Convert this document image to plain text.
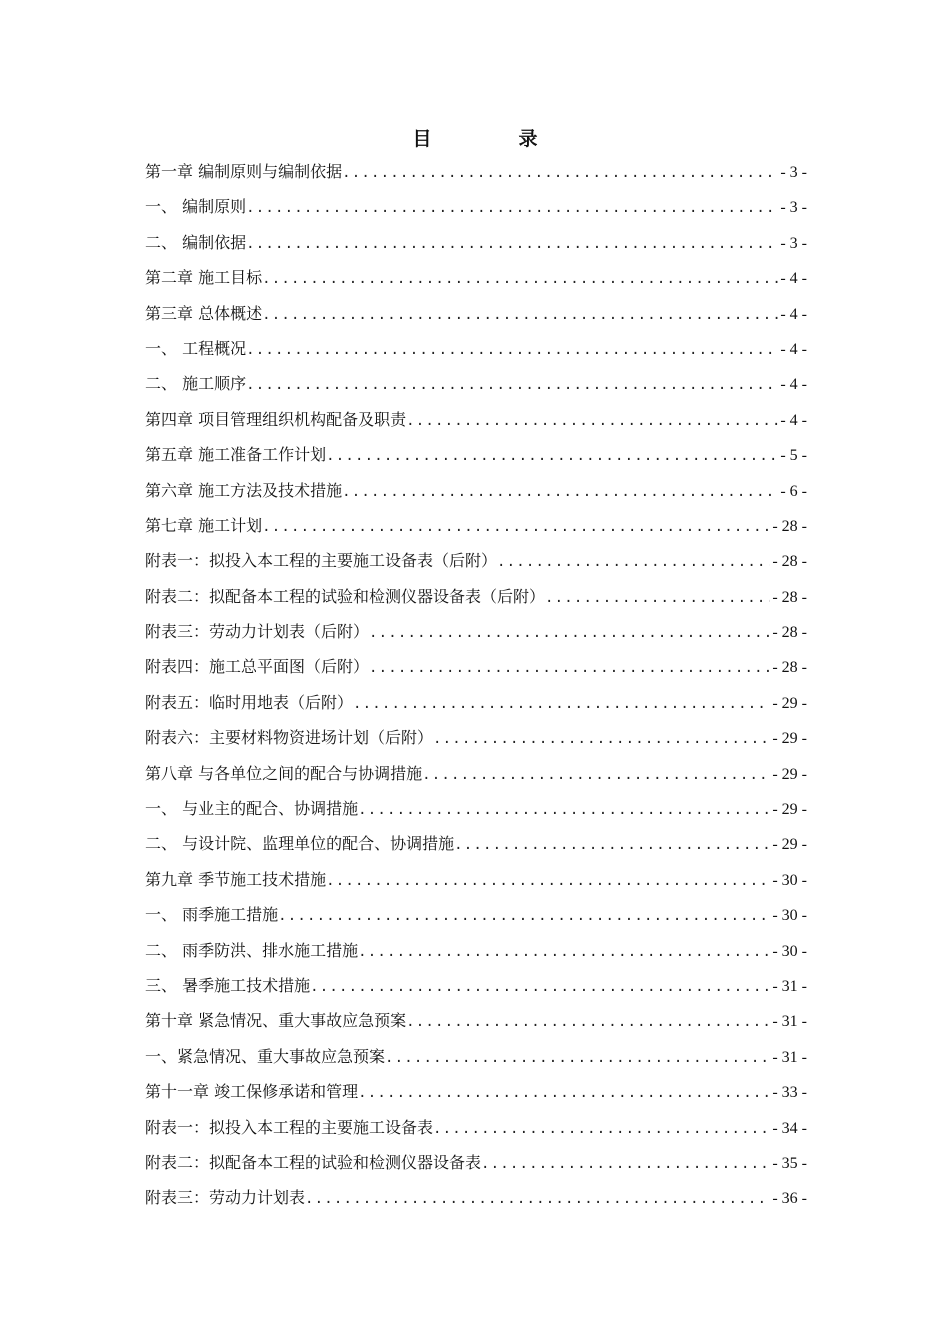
目　录
第一章 编制原则与编制依据 .....	- 3 -
一、 编制原则 .....	- 3 -
二、 编制依据 .....	- 3 -
第二章 施工目标 .....	- 4 -
第三章 总体概述 .....	- 4 -
一、 工程概况 .....	- 4 -
二、 施工顺序 .....	- 4 -
第四章 项目管理组织机构配备及职责 .....	- 4 -
第五章 施工准备工作计划 .....	- 5 -
第六章 施工方法及技术措施 .....	- 6 -
第七章 施工计划 .....	- 28 -
附表一：拟投入本工程的主要施工设备表（后附） .....	- 28 -
附表二：拟配备本工程的试验和检测仪器设备表（后附） .....	- 28 -
附表三：劳动力计划表（后附） .....	- 28 -
附表四：施工总平面图（后附） .....	- 28 -
附表五：临时用地表（后附） .....	- 29 -
附表六：主要材料物资进场计划（后附） .....	- 29 -
第八章 与各单位之间的配合与协调措施 .....	- 29 -
一、 与业主的配合、协调措施 .....	- 29 -
二、 与设计院、监理单位的配合、协调措施 .....	- 29 -
第九章 季节施工技术措施 .....	- 30 -
一、 雨季施工措施 .....	- 30 -
二、 雨季防洪、排水施工措施 .....	- 30 -
三、 暑季施工技术措施 .....	- 31 -
第十章 紧急情况、重大事故应急预案 .....	- 31 -
一、紧急情况、重大事故应急预案 .....	- 31 -
第十一章 竣工保修承诺和管理 .....	- 33 -
附表一：拟投入本工程的主要施工设备表 .....	- 34 -
附表二：拟配备本工程的试验和检测仪器设备表 .....	- 35 -
附表三：劳动力计划表 .....	- 36 -
